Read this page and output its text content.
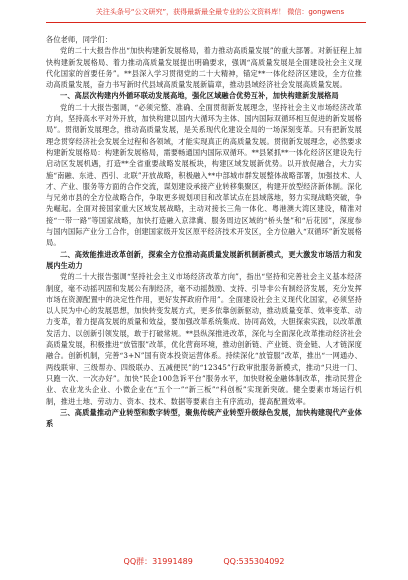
关注头条号“公文研究”，获得最新最全最专业的公文资料库！ 微信：gongwens

各位老师，同学们：

党的二十大报告作出“加快构建新发展格局，着力推动高质量发展”的重大部署。对新征程上加快构建新发展格局、着力推动高质量发展提出明确要求，强调“高质量发展是全面建设社会主义现代化国家的首要任务”。**县深入学习贯彻党的二十大精神，锚定**一体化经济区建设，全方位推动高质量发展，奋力书写新时代县域高质量发展新篇章，推动县域经济社会发展高质量发展。

一、高层次构建内外循环联动发展高地，强化区域融合优势互补，加快构建新发展格局

党的二十大报告强调，“必须完整、准确、全面贯彻新发展理念，坚持社会主义市场经济改革方向，坚持高水平对外开放，加快构建以国内大循环为主体、国内国际双循环相互促进的新发展格局”。贯彻新发展理念，推动高质量发展，是关系现代化建设全局的一场深刻变革。只有把新发展理念贯穿经济社会发展全过程和各领域，才能实现真正的高质量发展。贯彻新发展理念，必然要求构建新发展格局：构建新发展格局，需要畅通国内国际双循环。**县紧抓**一体化经济区建设先行启动区发展机遇，打造**全省重要战略发展板块，构建区域发展新优势。以开放促融合，大力实施“南融、东进、西引、北联”开放战略，积极融入**中部城市群发展整体战略部署，加强技术、人才、产业、服务等方面的合作交流，谋划建设承接产业转移集聚区，构建开放型经济新体制。深化与兄弟市县的全方位战略合作，争取更多规划项目和改革试点在县域落地，努力实现战略突破，争先崛起。全面对接国家重大区域发展战略，主动对接长三角一体化、粤港澳大湾区建设，精准对接“一带一路”等国家战略，加快打造融入京津冀、服务周边区域的“桥头堡”和“后花园”，深度参与国内国际产业分工合作，创建国家级开发区原平经济技术开发区，全方位融入“双循环”新发展格局。

二、高效能推进改革创新，探索全方位推动高质量发展新机制新模式，更大激发市场活力和发展内生动力

党的二十大报告强调“坚持社会主义市场经济改革方向”，指出“坚持和完善社会主义基本经济制度，毫不动摇巩固和发展公有制经济，毫不动摇鼓励、支持、引导非公有制经济发展，充分发挥市场在资源配置中的决定性作用，更好发挥政府作用”。全面建设社会主义现代化国家，必须坚持以人民为中心的发展思想，加快转变发展方式，更多依靠创新驱动，推动质量变革、效率变革、动力变革，着力提高发展的质量和效益，要加强改革系统集成、协同高效，大胆探索实践，以改革激发活力、以创新引领发展，敢于打破常规。**县纵深推进改革，深化与全面深化改革推动经济社会高质量发展，积极推进“放管服”改革，优化营商环境，推动创新链、产业链、资金链、人才链深度融合。创新机制，完善“3+N”国有资本投资运营体系。持续深化“放管服”改革，推出“一网通办、两线联审、三级帮办、四级联办、五减便民”的“12345”行政审批服务新模式，推动“只进一门、只跑一次、一次办好”。加快“民企100急诉平台”服务水平，加快财税金融体制改革，推动民营企业、农业龙头企业、小微企业在“五个一”“新三板”“科创板”实现新突破。健全要素市场运行机制，推进土地、劳动力、资本、技术、数据等要素自主有序流动，提高配置效率。

三、高质量推动产业转型和数字转型，聚焦传统产业转型升级绿色发展，加快构建现代产业体系

QQ群：31991489	QQ:535304092
